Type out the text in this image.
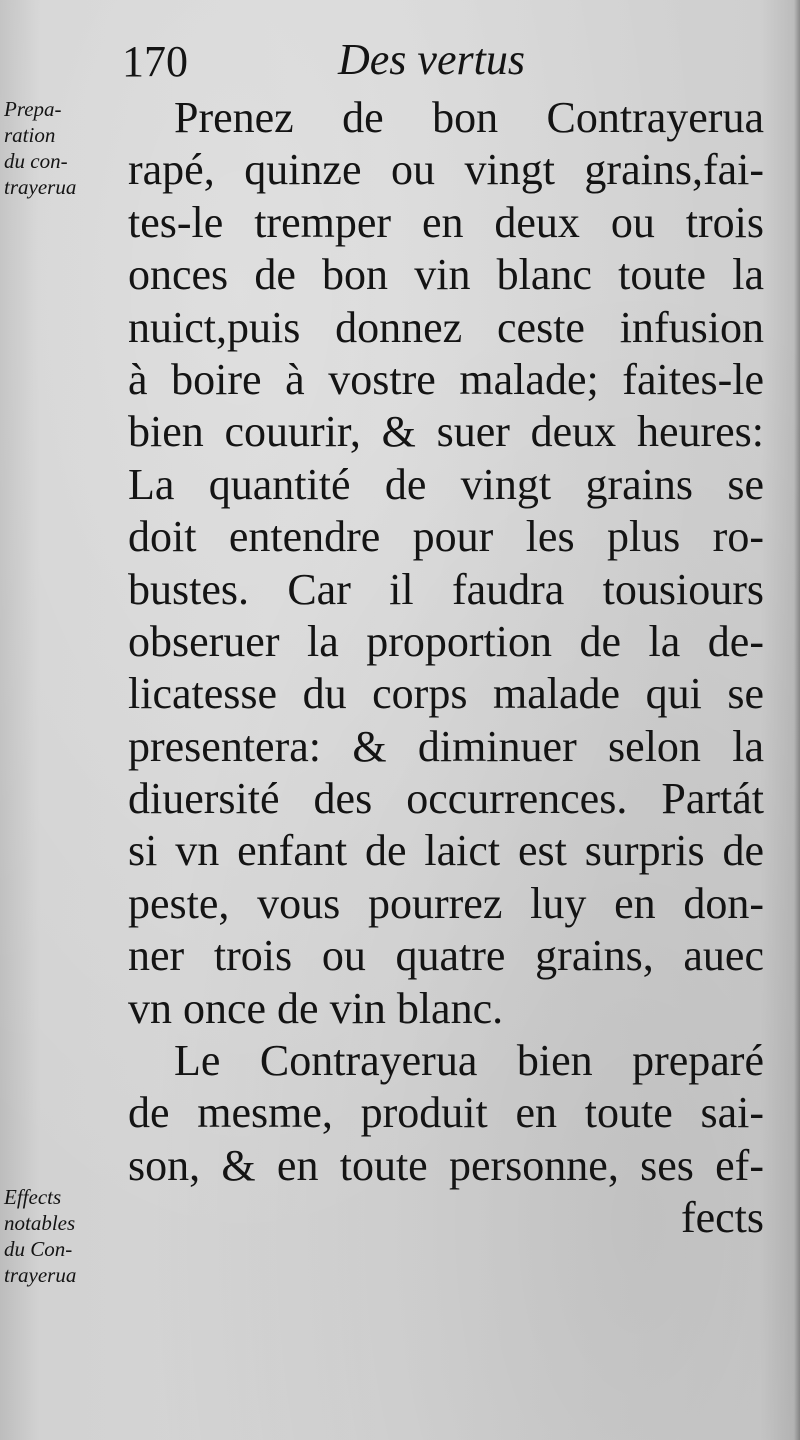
170	Des vertus
Prepa-
ration
du con-
trayerua
Effects
notables
du Con-
trayerua
Prenez de bon Contrayerua
rapé, quinze ou vingt grains,fai-
tes-le tremper en deux ou trois
onces de bon vin blanc toute la
nuict,puis donnez ceste infusion
à boire à vostre malade; faites-le
bien couurir, & suer deux heures:
La quantité de vingt grains se
doit entendre pour les plus ro-
bustes. Car il faudra tousiours
obseruer la proportion de la de-
licatesse du corps malade qui se
presentera: & diminuer selon la
diuersité des occurrences. Partát
si vn enfant de laict est surpris de
peste, vous pourrez luy en don-
ner trois ou quatre grains, auec
vn once de vin blanc.
Le Contrayerua bien preparé
de mesme, produit en toute sai-
son, & en toute personne, ses ef-
fects
